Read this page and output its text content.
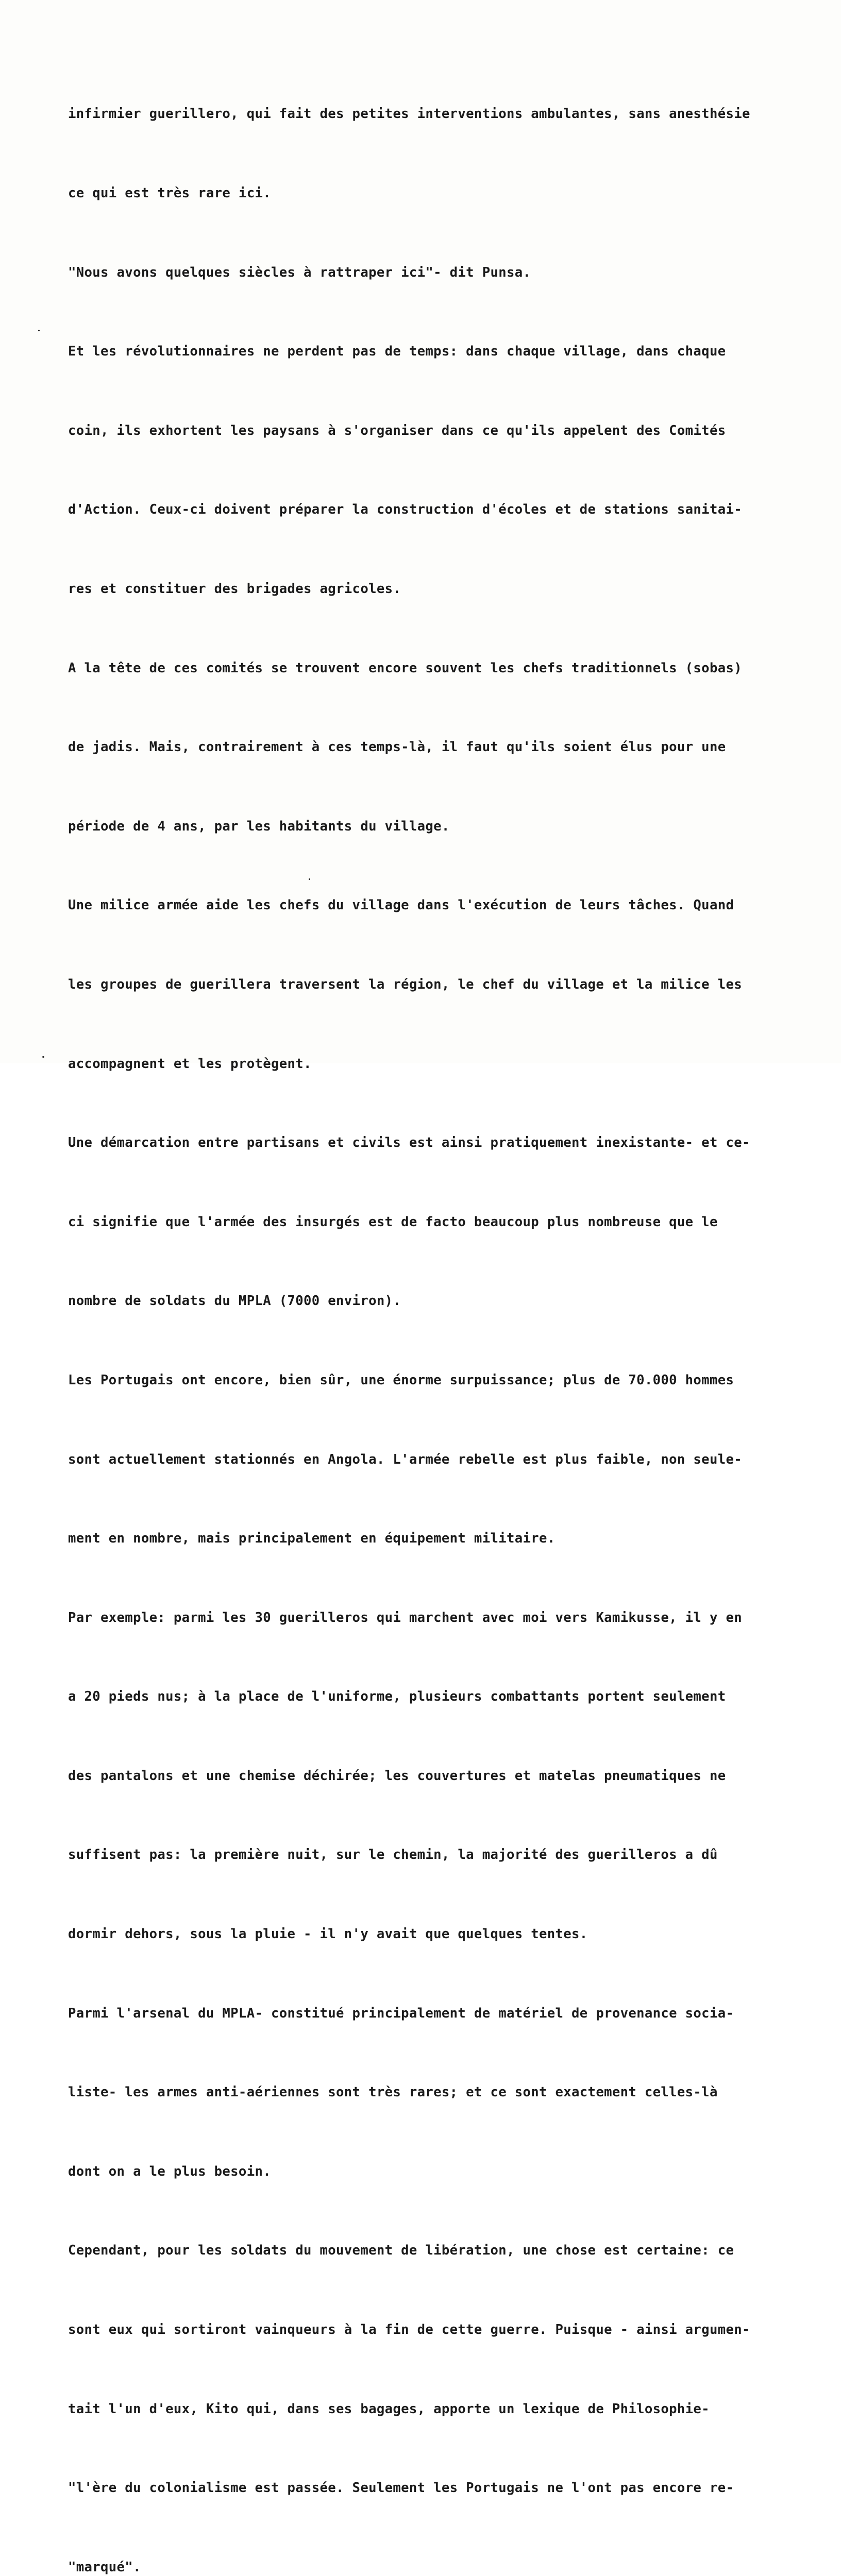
infirmier guerillero, qui fait des petites interventions ambulantes, sans anesthésie

ce qui est très rare ici.

"Nous avons quelques siècles à rattraper ici"- dit Punsa.

Et les révolutionnaires ne perdent pas de temps: dans chaque village, dans chaque

coin, ils exhortent les paysans à s'organiser dans ce qu'ils appelent des Comités

d'Action. Ceux-ci doivent préparer la construction d'écoles et de stations sanitai-

res et constituer des brigades agricoles.

A la tête de ces comités se trouvent encore souvent les chefs traditionnels (sobas)

de jadis. Mais, contrairement à ces temps-là, il faut qu'ils soient élus pour une

période de 4 ans, par les habitants du village.

Une milice armée aide les chefs du village dans l'exécution de leurs tâches. Quand

les groupes de guerillera traversent la région, le chef du village et la milice les

accompagnent et les protègent.

Une démarcation entre partisans et civils est ainsi pratiquement inexistante- et ce-

ci signifie que l'armée des insurgés est de facto beaucoup plus nombreuse que le

nombre de soldats du MPLA (7000 environ).

Les Portugais ont encore, bien sûr, une énorme surpuissance; plus de 70.000 hommes

sont actuellement stationnés en Angola. L'armée rebelle est plus faible, non seule-

ment en nombre, mais principalement en équipement militaire.

Par exemple: parmi les 30 guerilleros qui marchent avec moi vers Kamikusse, il y en

a 20 pieds nus; à la place de l'uniforme, plusieurs combattants portent seulement

des pantalons et une chemise déchirée; les couvertures et matelas pneumatiques ne

suffisent pas: la première nuit, sur le chemin, la majorité des guerilleros a dû

dormir dehors, sous la pluie - il n'y avait que quelques tentes.

Parmi l'arsenal du MPLA- constitué principalement de matériel de provenance socia-

liste- les armes anti-aériennes sont très rares; et ce sont exactement celles-là

dont on a le plus besoin.

Cependant, pour les soldats du mouvement de libération, une chose est certaine: ce

sont eux qui sortiront vainqueurs à la fin de cette guerre. Puisque - ainsi argumen-

tait l'un d'eux, Kito qui, dans ses bagages, apporte un lexique de Philosophie-

"l'ère du colonialisme est passée. Seulement les Portugais ne l'ont pas encore re-

"marqué".
